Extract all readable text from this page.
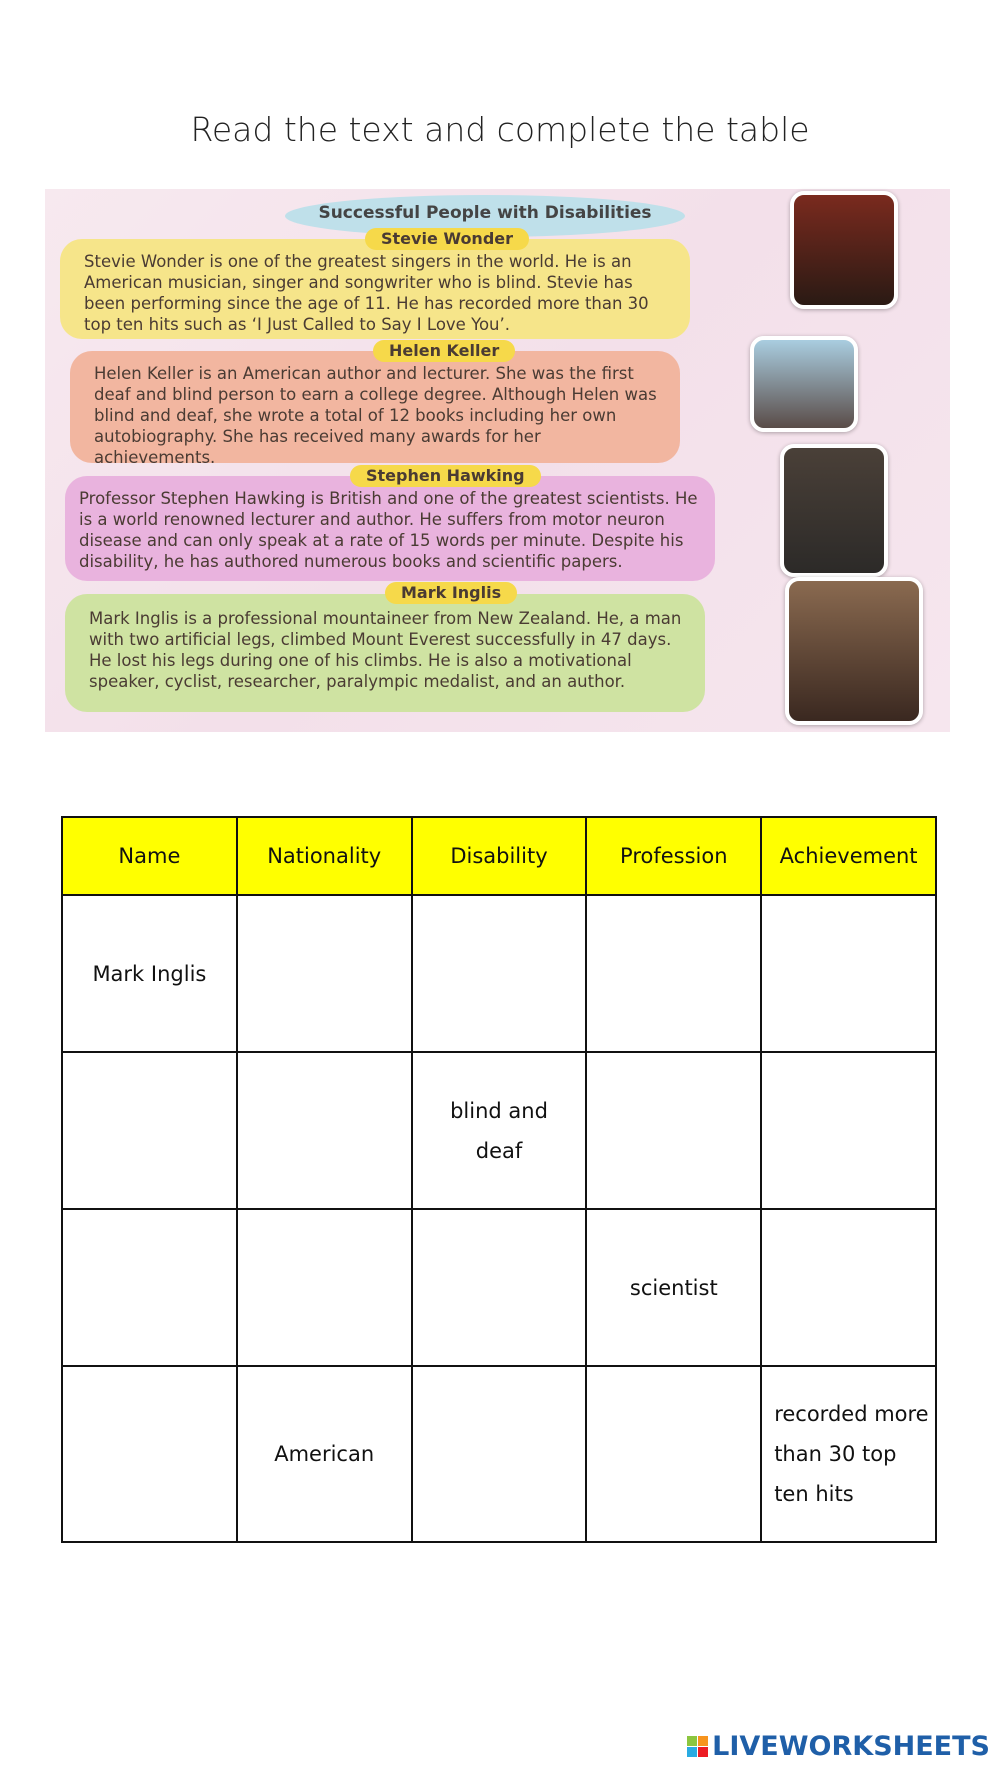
Read the text and complete the table
Successful People with Disabilities
Stevie Wonder is one of the greatest singers in the world. He is an American musician, singer and songwriter who is blind. Stevie has been performing since the age of 11. He has recorded more than 30 top ten hits such as ‘I Just Called to Say I Love You’.
Stevie Wonder
Helen Keller is an American author and lecturer. She was the first deaf and blind person to earn a college degree. Although Helen was blind and deaf, she wrote a total of 12 books including her own autobiography. She has received many awards for her achievements.
Helen Keller
Professor Stephen Hawking is British and one of the greatest scientists. He is a world renowned lecturer and author. He suffers from motor neuron disease and can only speak at a rate of 15 words per minute. Despite his disability, he has authored numerous books and scientific papers.
Stephen Hawking
Mark Inglis is a professional mountaineer from New Zealand. He, a man with two artificial legs, climbed Mount Everest successfully in 47 days. He lost his legs during one of his climbs. He is also a motivational speaker, cyclist, researcher, paralympic medalist, and an author.
Mark Inglis
Name	Nationality	Disability	Profession	Achievement
Mark Inglis				
		blind and deaf		
			scientist	
	American			recorded more than 30 top ten hits
LIVEWORKSHEETS
